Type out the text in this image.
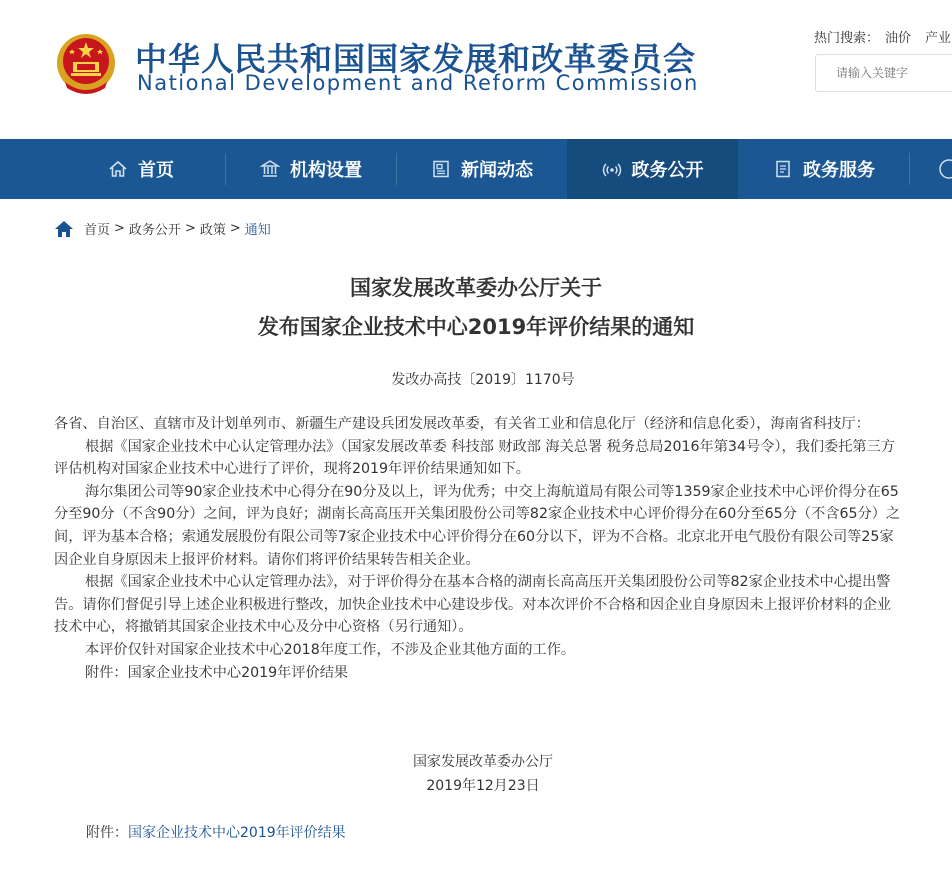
中华人民共和国国家发展和改革委员会
National Development and Reform Commission
热门搜索： 油价 产业
请输入关键字
首页	机构设置	新闻动态	政务公开	政务服务
首页 > 政务公开 > 政策 > 通知
国家发展改革委办公厅关于
发布国家企业技术中心2019年评价结果的通知
发改办高技〔2019〕1170号

各省、自治区、直辖市及计划单列市、新疆生产建设兵团发展改革委，有关省工业和信息化厅（经济和信息化委），海南省科技厅：

根据《国家企业技术中心认定管理办法》（国家发展改革委 科技部 财政部 海关总署 税务总局2016年第34号令），我们委托第三方评估机构对国家企业技术中心进行了评价，现将2019年评价结果通知如下。

海尔集团公司等90家企业技术中心得分在90分及以上，评为优秀；中交上海航道局有限公司等1359家企业技术中心评价得分在65分至90分（不含90分）之间，评为良好；湖南长高高压开关集团股份公司等82家企业技术中心评价得分在60分至65分（不含65分）之间，评为基本合格；索通发展股份有限公司等7家企业技术中心评价得分在60分以下，评为不合格。北京北开电气股份有限公司等25家因企业自身原因未上报评价材料。请你们将评价结果转告相关企业。

根据《国家企业技术中心认定管理办法》，对于评价得分在基本合格的湖南长高高压开关集团股份公司等82家企业技术中心提出警告。请你们督促引导上述企业积极进行整改，加快企业技术中心建设步伐。对本次评价不合格和因企业自身原因未上报评价材料的企业技术中心，将撤销其国家企业技术中心及分中心资格（另行通知）。

本评价仅针对国家企业技术中心2018年度工作，不涉及企业其他方面的工作。

附件：国家企业技术中心2019年评价结果

国家发展改革委办公厅
2019年12月23日
附件：国家企业技术中心2019年评价结果
